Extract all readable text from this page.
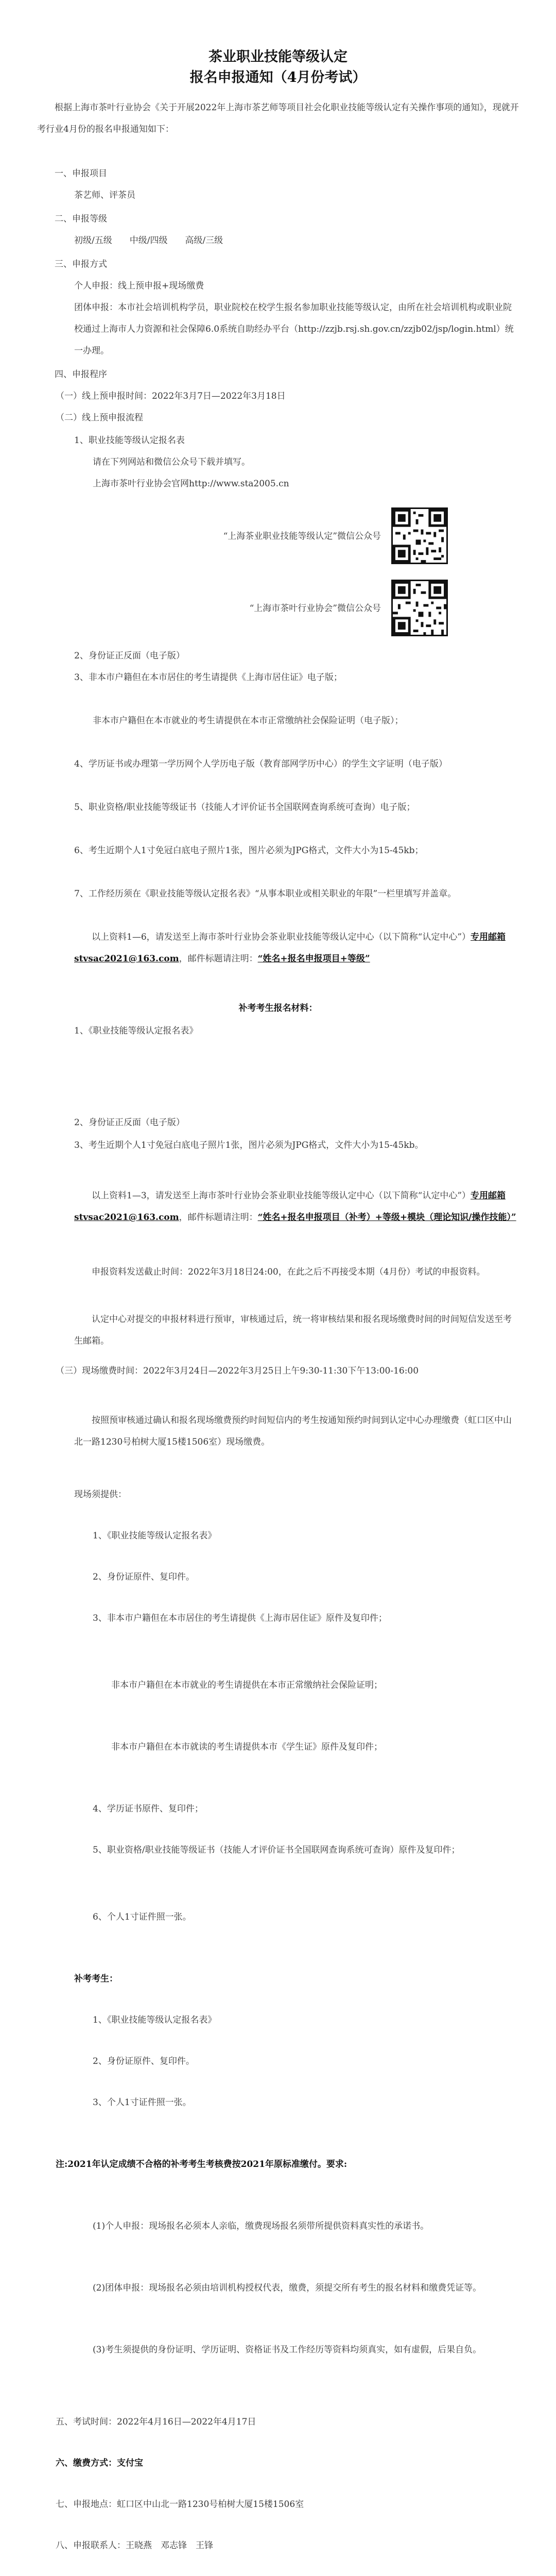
茶业职业技能等级认定
报名申报通知（4月份考试）

根据上海市茶叶行业协会《关于开展2022年上海市茶艺师等项目社会化职业技能等级认定有关操作事项的通知》，现就开考行业4月份的报名申报通知如下：

一、申报项目

茶艺师、评茶员

二、申报等级

初级/五级　　中级/四级　　高级/三级

三、申报方式

个人申报：线上预申报+现场缴费

团体申报：本市社会培训机构学员，职业院校在校学生报名参加职业技能等级认定，由所在社会培训机构或职业院校通过上海市人力资源和社会保障6.0系统自助经办平台（http://zzjb.rsj.sh.gov.cn/zzjb02/jsp/login.html）统一办理。

四、申报程序

（一）线上预申报时间：2022年3月7日—2022年3月18日

（二）线上预申报流程

1、职业技能等级认定报名表

请在下列网站和微信公众号下载并填写。

上海市茶叶行业协会官网http://www.sta2005.cn

“上海茶业职业技能等级认定”微信公众号

“上海市茶叶行业协会”微信公众号

2、身份证正反面（电子版）

3、非本市户籍但在本市居住的考生请提供《上海市居住证》电子版；

非本市户籍但在本市就业的考生请提供在本市正常缴纳社会保险证明（电子版）；

4、学历证书或办理第一学历网个人学历电子版（教育部网学历中心）的学生文字证明（电子版）

5、职业资格/职业技能等级证书（技能人才评价证书全国联网查询系统可查询）电子版；

6、考生近期个人1寸免冠白底电子照片1张，图片必须为JPG格式，文件大小为15-45kb；

7、工作经历须在《职业技能等级认定报名表》“从事本职业或相关职业的年限”一栏里填写并盖章。

以上资料1—6，请发送至上海市茶叶行业协会茶业职业技能等级认定中心（以下简称“认定中心”）专用邮箱stvsac2021@163.com，邮件标题请注明：“姓名+报名申报项目+等级”

补考考生报名材料：

1、《职业技能等级认定报名表》

2、身份证正反面（电子版）

3、考生近期个人1寸免冠白底电子照片1张，图片必须为JPG格式，文件大小为15-45kb。

以上资料1—3，请发送至上海市茶叶行业协会茶业职业技能等级认定中心（以下简称“认定中心”）专用邮箱stvsac2021@163.com，邮件标题请注明：“姓名+报名申报项目（补考）+等级+模块（理论知识/操作技能）”

申报资料发送截止时间：2022年3月18日24:00，在此之后不再接受本期（4月份）考试的申报资料。

认定中心对提交的申报材料进行预审，审核通过后，统一将审核结果和报名现场缴费时间的时间短信发送至考生邮箱。

（三）现场缴费时间：2022年3月24日—2022年3月25日上午9:30-11:30下午13:00-16:00

按照预审核通过确认和报名现场缴费预约时间短信内的考生按通知预约时间到认定中心办理缴费（虹口区中山北一路1230号柏树大厦15楼1506室）现场缴费。

现场须提供：

1、《职业技能等级认定报名表》

2、身份证原件、复印件。

3、非本市户籍但在本市居住的考生请提供《上海市居住证》原件及复印件；

非本市户籍但在本市就业的考生请提供在本市正常缴纳社会保险证明；

非本市户籍但在本市就读的考生请提供本市《学生证》原件及复印件；

4、学历证书原件、复印件；

5、职业资格/职业技能等级证书（技能人才评价证书全国联网查询系统可查询）原件及复印件；

6、个人1寸证件照一张。

补考考生：

1、《职业技能等级认定报名表》

2、身份证原件、复印件。

3、个人1寸证件照一张。

注:2021年认定成绩不合格的补考考生考核费按2021年原标准缴付。要求:

(1)个人申报：现场报名必须本人亲临，缴费现场报名须带所提供资料真实性的承诺书。

(2)团体申报：现场报名必须由培训机构授权代表，缴费，须提交所有考生的报名材料和缴费凭证等。

(3)考生须提供的身份证明、学历证明、资格证书及工作经历等资料均须真实，如有虚假，后果自负。

五、考试时间：2022年4月16日—2022年4月17日

六、缴费方式：支付宝

七、申报地点：虹口区中山北一路1230号柏树大厦15楼1506室

八、申报联系人：王晓燕　邓志锋　王锋
